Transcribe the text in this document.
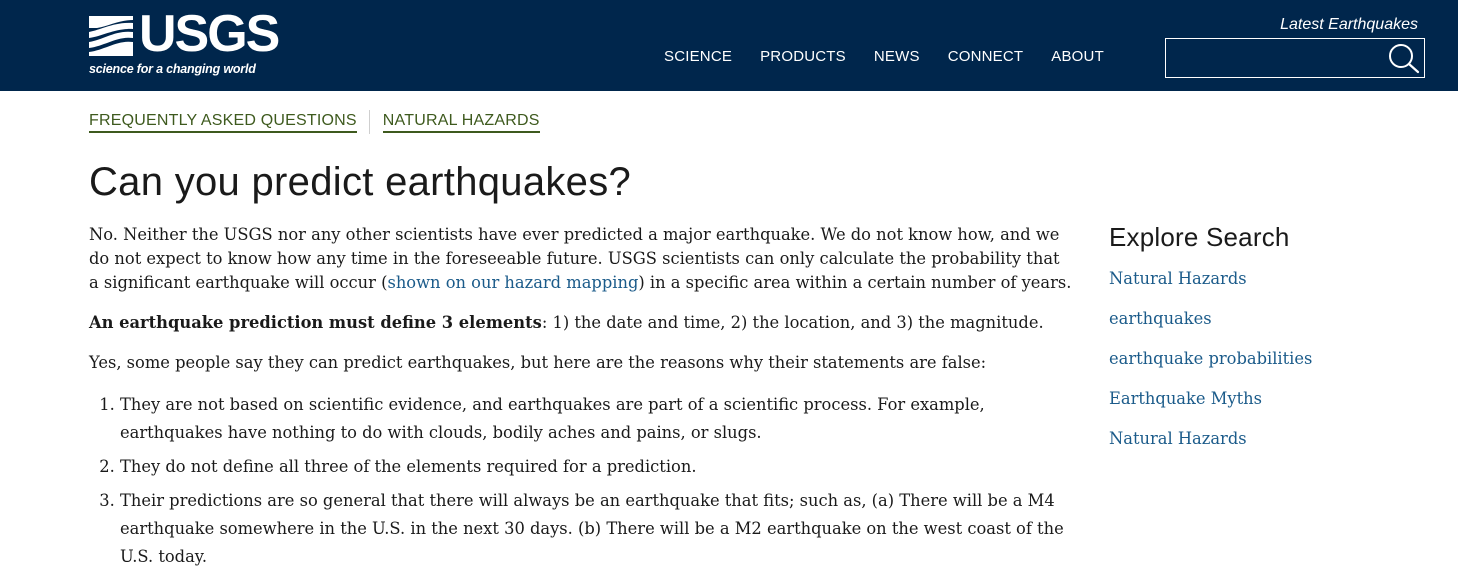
USGS
science for a changing world
SCIENCE PRODUCTS NEWS CONNECT ABOUT
Latest Earthquakes
FREQUENTLY ASKED QUESTIONS NATURAL HAZARDS
Can you predict earthquakes?

No. Neither the USGS nor any other scientists have ever predicted a major earthquake. We do not know how, and we do not expect to know how any time in the foreseeable future. USGS scientists can only calculate the probability that a significant earthquake will occur (shown on our hazard mapping) in a specific area within a certain number of years.

An earthquake prediction must define 3 elements: 1) the date and time, 2) the location, and 3) the magnitude.

Yes, some people say they can predict earthquakes, but here are the reasons why their statements are false:

1. They are not based on scientific evidence, and earthquakes are part of a scientific process. For example, earthquakes have nothing to do with clouds, bodily aches and pains, or slugs.
2. They do not define all three of the elements required for a prediction.
3. Their predictions are so general that there will always be an earthquake that fits; such as, (a) There will be a M4 earthquake somewhere in the U.S. in the next 30 days. (b) There will be a M2 earthquake on the west coast of the U.S. today.
Explore Search
Natural Hazards
earthquakes
earthquake probabilities
Earthquake Myths
Natural Hazards
